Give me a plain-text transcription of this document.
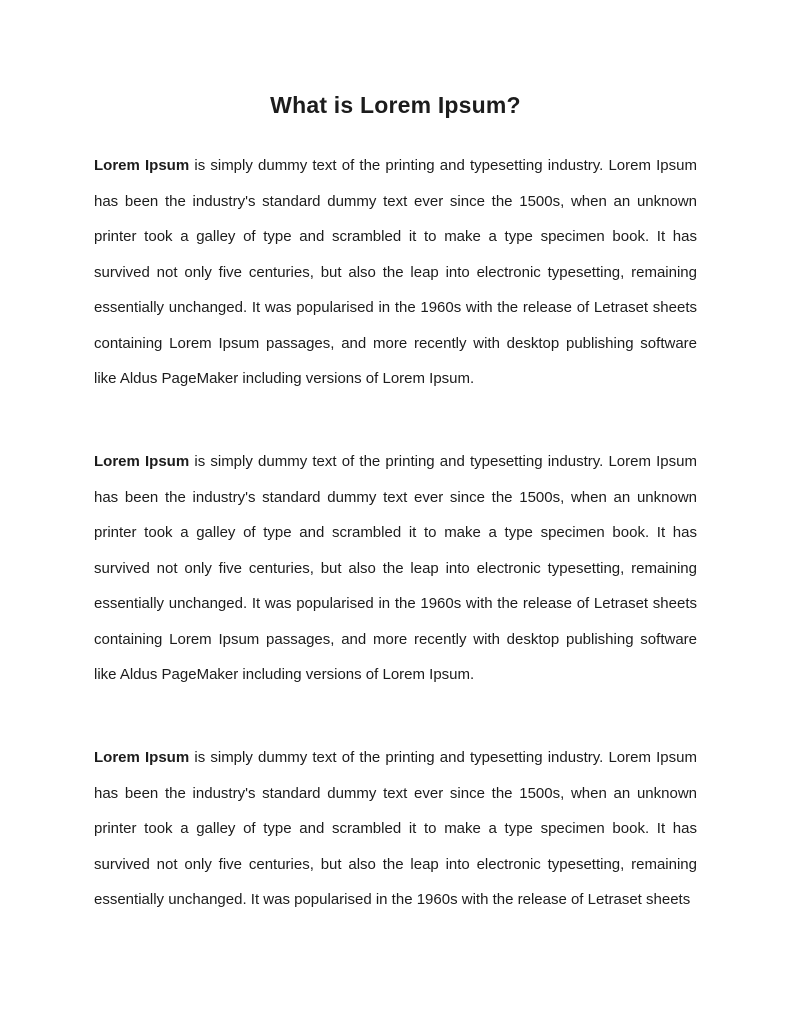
What is Lorem Ipsum?

Lorem Ipsum is simply dummy text of the printing and typesetting industry. Lorem Ipsum has been the industry's standard dummy text ever since the 1500s, when an unknown printer took a galley of type and scrambled it to make a type specimen book. It has survived not only five centuries, but also the leap into electronic typesetting, remaining essentially unchanged. It was popularised in the 1960s with the release of Letraset sheets containing Lorem Ipsum passages, and more recently with desktop publishing software like Aldus PageMaker including versions of Lorem Ipsum.

Lorem Ipsum is simply dummy text of the printing and typesetting industry. Lorem Ipsum has been the industry's standard dummy text ever since the 1500s, when an unknown printer took a galley of type and scrambled it to make a type specimen book. It has survived not only five centuries, but also the leap into electronic typesetting, remaining essentially unchanged. It was popularised in the 1960s with the release of Letraset sheets containing Lorem Ipsum passages, and more recently with desktop publishing software like Aldus PageMaker including versions of Lorem Ipsum.

Lorem Ipsum is simply dummy text of the printing and typesetting industry. Lorem Ipsum has been the industry's standard dummy text ever since the 1500s, when an unknown printer took a galley of type and scrambled it to make a type specimen book. It has survived not only five centuries, but also the leap into electronic typesetting, remaining essentially unchanged. It was popularised in the 1960s with the release of Letraset sheets
